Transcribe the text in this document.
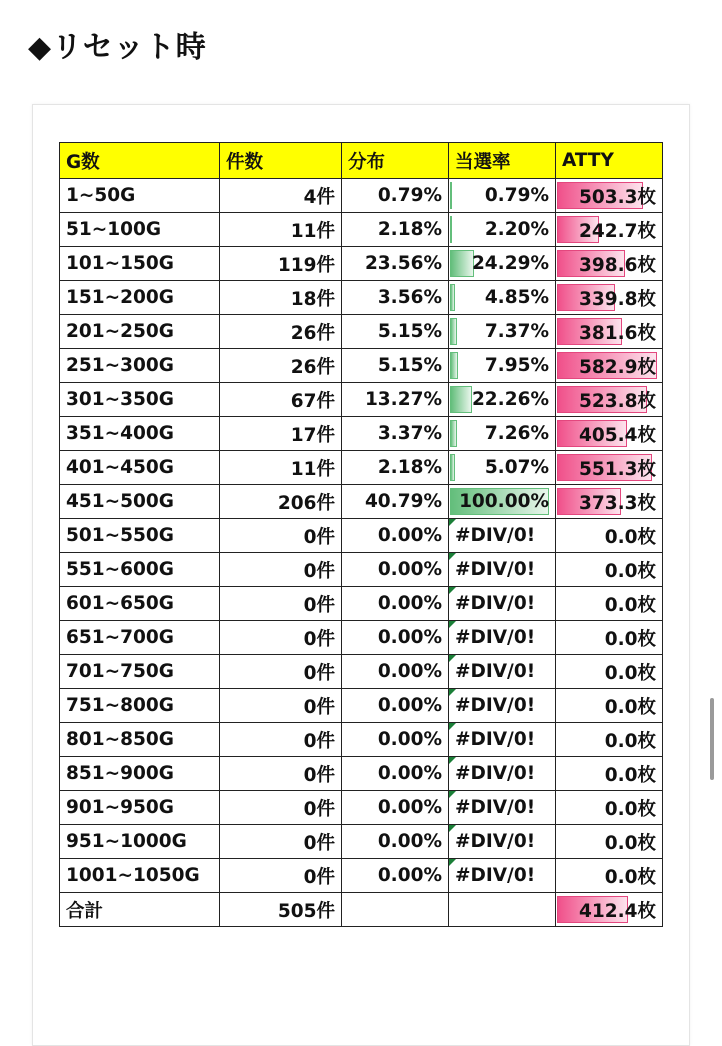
◆リセット時
G数	件数	分布	当選率	ATTY
1~50G	4件	0.79%	0.79%	503.3枚

51~100G	11件	2.18%	2.20%	242.7枚

101~150G	119件	23.56%	24.29%	398.6枚

151~200G	18件	3.56%	4.85%	339.8枚

201~250G	26件	5.15%	7.37%	381.6枚

251~300G	26件	5.15%	7.95%	582.9枚

301~350G	67件	13.27%	22.26%	523.8枚

351~400G	17件	3.37%	7.26%	405.4枚

401~450G	11件	2.18%	5.07%	551.3枚

451~500G	206件	40.79%	100.00%	373.3枚

501~550G	0件	0.00%	#DIV/0!	0.0枚
551~600G	0件	0.00%	#DIV/0!	0.0枚
601~650G	0件	0.00%	#DIV/0!	0.0枚
651~700G	0件	0.00%	#DIV/0!	0.0枚
701~750G	0件	0.00%	#DIV/0!	0.0枚
751~800G	0件	0.00%	#DIV/0!	0.0枚
801~850G	0件	0.00%	#DIV/0!	0.0枚
851~900G	0件	0.00%	#DIV/0!	0.0枚
901~950G	0件	0.00%	#DIV/0!	0.0枚
951~1000G	0件	0.00%	#DIV/0!	0.0枚
1001~1050G	0件	0.00%	#DIV/0!	0.0枚
合計	505件			412.4枚
